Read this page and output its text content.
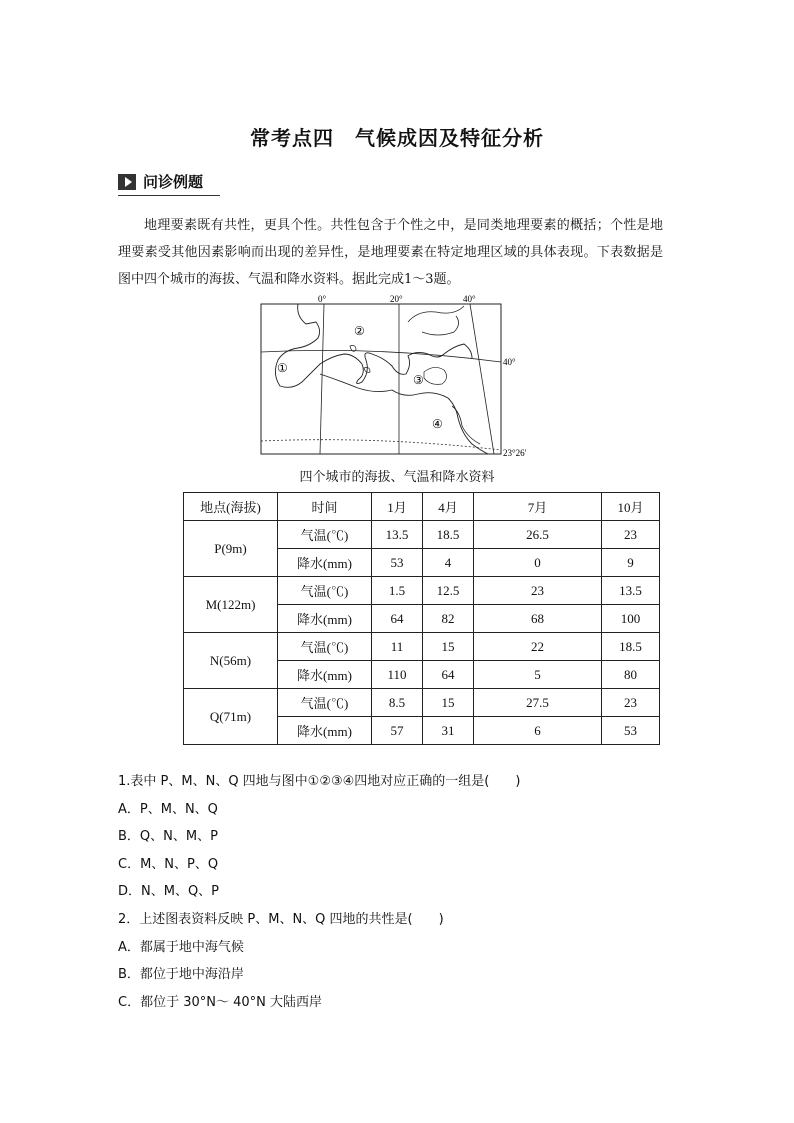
常考点四　气候成因及特征分析
问诊例题
地理要素既有共性，更具个性。共性包含于个性之中，是同类地理要素的概括；个性是地理要素受其他因素影响而出现的差异性，是地理要素在特定地理区域的具体表现。下表数据是图中四个城市的海拔、气温和降水资料。据此完成1～3题。
0°	20°	40°
40°
23°26′
①
②
③
④
四个城市的海拔、气温和降水资料
地点(海拔)	时间	1月	4月	7月	10月
P(9m)	气温(℃)	13.5	18.5	26.5	23
	降水(mm)	53	4	0	9
M(122m)	气温(℃)	1.5	12.5	23	13.5
	降水(mm)	64	82	68	100
N(56m)	气温(℃)	11	15	22	18.5
	降水(mm)	110	64	5	80
Q(71m)	气温(℃)	8.5	15	27.5	23
	降水(mm)	57	31	6	53
1.表中 P、M、N、Q 四地与图中①②③④四地对应正确的一组是(　　)
A．P、M、N、Q
B．Q、N、M、P
C．M、N、P、Q
D．N、M、Q、P
2．上述图表资料反映 P、M、N、Q 四地的共性是(　　)
A．都属于地中海气候
B．都位于地中海沿岸
C．都位于 30°N～ 40°N 大陆西岸
